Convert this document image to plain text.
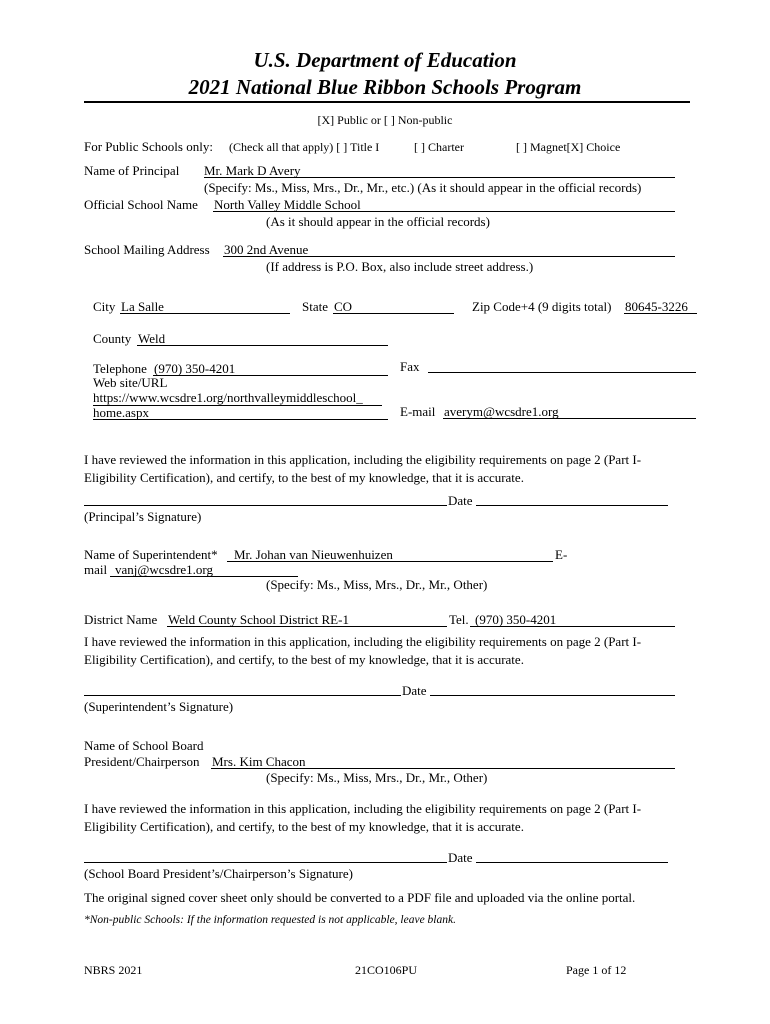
U.S. Department of Education
2021 National Blue Ribbon Schools Program
[X] Public or [ ] Non-public
For Public Schools only: (Check all that apply) [ ] Title I	[ ] Charter	[ ] Magnet[X] Choice
Name of Principal Mr. Mark D Avery
(Specify: Ms., Miss, Mrs., Dr., Mr., etc.) (As it should appear in the official records)
Official School Name North Valley Middle School
(As it should appear in the official records)
School Mailing Address 300 2nd Avenue
(If address is P.O. Box, also include street address.)
City La Salle	State CO	Zip Code+4 (9 digits total) 80645-3226
County Weld
Telephone (970) 350-4201	Fax
Web site/URL
https://www.wcsdre1.org/northvalleymiddleschool_
home.aspx	E-mail averym@wcsdre1.org
I have reviewed the information in this application, including the eligibility requirements on page 2 (Part I-Eligibility Certification), and certify, to the best of my knowledge, that it is accurate.
Date
(Principal’s Signature)
Name of Superintendent* Mr. Johan van Nieuwenhuizen	E-
mail vanj@wcsdre1.org
(Specify: Ms., Miss, Mrs., Dr., Mr., Other)
District Name Weld County School District RE-1	Tel. (970) 350-4201
I have reviewed the information in this application, including the eligibility requirements on page 2 (Part I-Eligibility Certification), and certify, to the best of my knowledge, that it is accurate.
Date
(Superintendent’s Signature)
Name of School Board
President/Chairperson Mrs. Kim Chacon
(Specify: Ms., Miss, Mrs., Dr., Mr., Other)
I have reviewed the information in this application, including the eligibility requirements on page 2 (Part I-Eligibility Certification), and certify, to the best of my knowledge, that it is accurate.
Date
(School Board President’s/Chairperson’s Signature)
The original signed cover sheet only should be converted to a PDF file and uploaded via the online portal.
*Non-public Schools: If the information requested is not applicable, leave blank.
NBRS 2021	21CO106PU	Page 1 of 12
